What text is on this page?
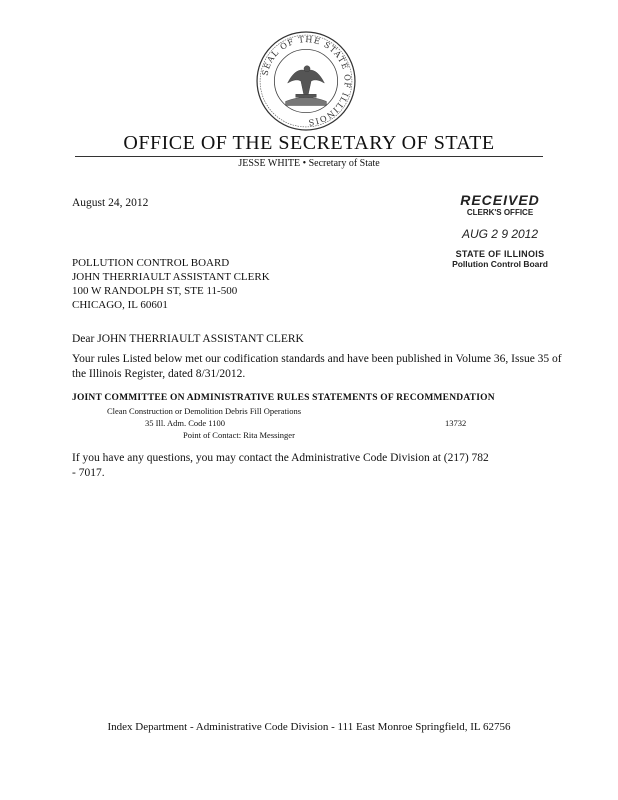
SEAL OF THE STATE OF ILLINOIS
OFFICE OF THE SECRETARY OF STATE
JESSE WHITE • Secretary of State
August 24, 2012	RECEIVED
CLERK'S OFFICE
AUG 2 9 2012
STATE OF ILLINOIS
Pollution Control Board
POLLUTION CONTROL BOARD
JOHN THERRIAULT ASSISTANT CLERK
100 W RANDOLPH ST, STE 11-500
CHICAGO, IL 60601
Dear JOHN THERRIAULT ASSISTANT CLERK
Your rules Listed below met our codification standards and have been published in Volume 36, Issue 35 of the Illinois Register, dated 8/31/2012.
JOINT COMMITTEE ON ADMINISTRATIVE RULES STATEMENTS OF RECOMMENDATION
Clean Construction or Demolition Debris Fill Operations
35 Ill. Adm. Code 1100	13732
Point of Contact: Rita Messinger
If you have any questions, you may contact the Administrative Code Division at (217) 782 - 7017.
Index Department - Administrative Code Division - 111 East Monroe Springfield, IL 62756
